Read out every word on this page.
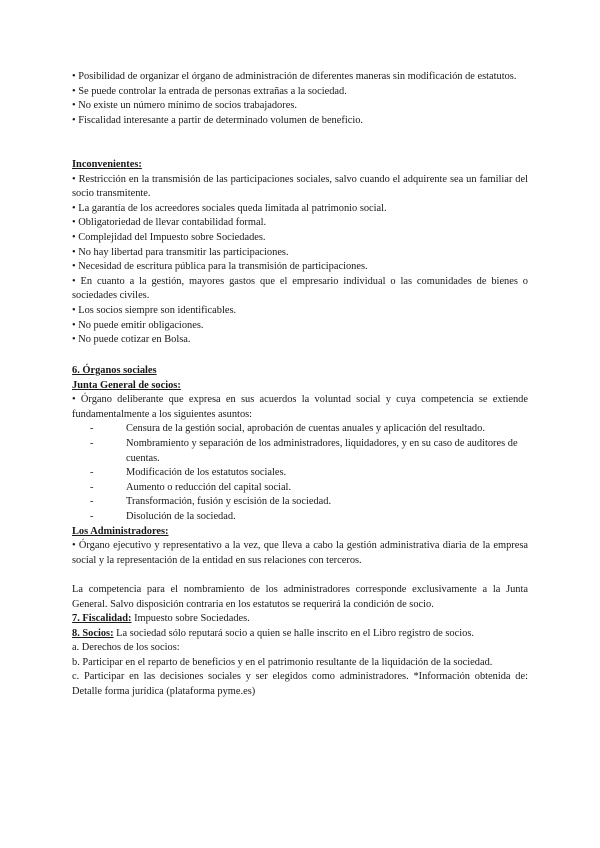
• Posibilidad de organizar el órgano de administración de diferentes maneras sin modificación de estatutos.

• Se puede controlar la entrada de personas extrañas a la sociedad.

• No existe un número mínimo de socios trabajadores.

• Fiscalidad interesante a partir de determinado volumen de beneficio.

Inconvenientes:

• Restricción en la transmisión de las participaciones sociales, salvo cuando el adquirente sea un familiar del socio transmitente.

• La garantía de los acreedores sociales queda limitada al patrimonio social.

• Obligatoriedad de llevar contabilidad formal.

• Complejidad del Impuesto sobre Sociedades.

• No hay libertad para transmitir las participaciones.

• Necesidad de escritura pública para la transmisión de participaciones.

• En cuanto a la gestión, mayores gastos que el empresario individual o las comunidades de bienes o sociedades civiles.

• Los socios siempre son identificables.

• No puede emitir obligaciones.

• No puede cotizar en Bolsa.

6. Órganos sociales

Junta General de socios:

• Órgano deliberante que expresa en sus acuerdos la voluntad social y cuya competencia se extiende fundamentalmente a los siguientes asuntos:

- Censura de la gestión social, aprobación de cuentas anuales y aplicación del resultado.
- Nombramiento y separación de los administradores, liquidadores, y en su caso de auditores de cuentas.
- Modificación de los estatutos sociales.
- Aumento o reducción del capital social.
- Transformación, fusión y escisión de la sociedad.
- Disolución de la sociedad.

Los Administradores:

• Órgano ejecutivo y representativo a la vez, que lleva a cabo la gestión administrativa diaria de la empresa social y la representación de la entidad en sus relaciones con terceros.

La competencia para el nombramiento de los administradores corresponde exclusivamente a la Junta General. Salvo disposición contraria en los estatutos se requerirá la condición de socio.

7. Fiscalidad: Impuesto sobre Sociedades.

8. Socios: La sociedad sólo reputará socio a quien se halle inscrito en el Libro registro de socios.

a. Derechos de los socios:

b. Participar en el reparto de beneficios y en el patrimonio resultante de la liquidación de la sociedad.

c. Participar en las decisiones sociales y ser elegidos como administradores. *Información obtenida de: Detalle forma jurídica (plataforma pyme.es)
